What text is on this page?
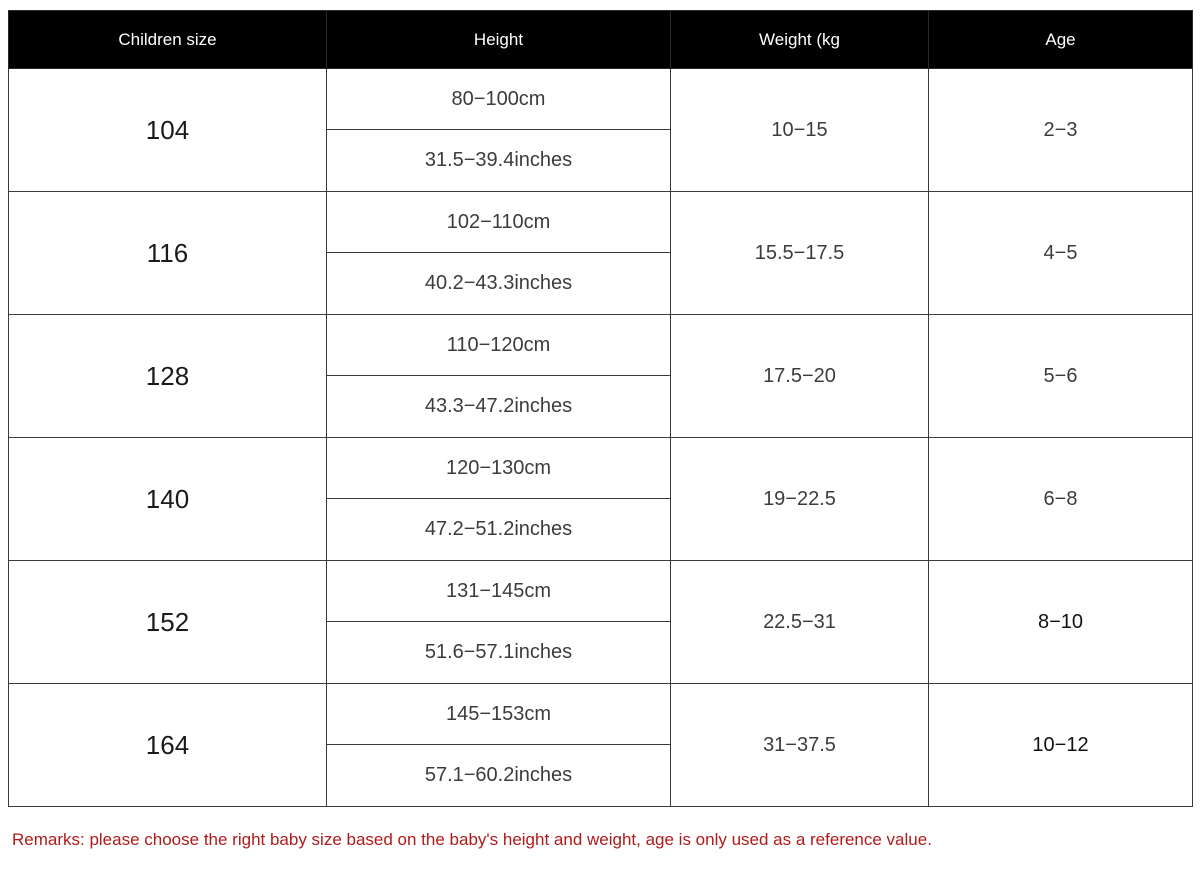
Children size	Height	Weight (kg	Age
104	80−100cm	10−15	2−3
	31.5−39.4inches		
116	102−110cm	15.5−17.5	4−5
	40.2−43.3inches		
128	110−120cm	17.5−20	5−6
	43.3−47.2inches		
140	120−130cm	19−22.5	6−8
	47.2−51.2inches		
152	131−145cm	22.5−31	8−10
	51.6−57.1inches		
164	145−153cm	31−37.5	10−12
	57.1−60.2inches		
Remarks: please choose the right baby size based on the baby's height and weight, age is only used as a reference value.
